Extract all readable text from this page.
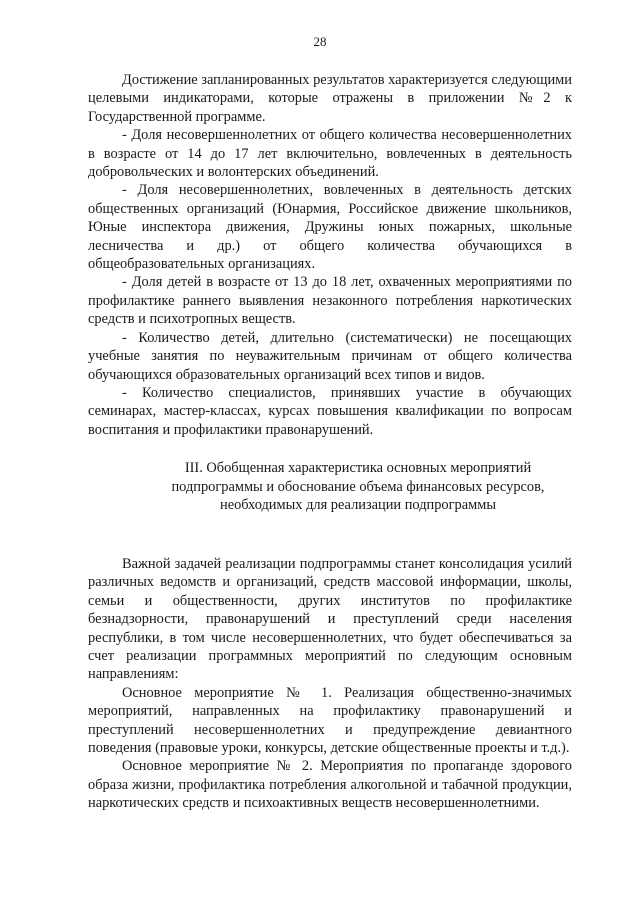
28

Достижение запланированных результатов характеризуется следующими целевыми индикаторами, которые отражены в приложении №2 к Государственной программе.

- Доля несовершеннолетних от общего количества несовершеннолетних в возрасте от 14 до 17 лет включительно, вовлеченных в деятельность добровольческих и волонтерских объединений.

- Доля несовершеннолетних, вовлеченных в деятельность детских общественных организаций (Юнармия, Российское движение школьников, Юные инспектора движения, Дружины юных пожарных, школьные лесничества и др.) от общего количества обучающихся в общеобразовательных организациях.

- Доля детей в возрасте от 13 до 18 лет, охваченных мероприятиями по профилактике раннего выявления незаконного потребления наркотических средств и психотропных веществ.

- Количество детей, длительно (систематически) не посещающих учебные занятия по неуважительным причинам от общего количества обучающихся образовательных организаций всех типов и видов.

- Количество специалистов, принявших участие в обучающих семинарах, мастер-классах, курсах повышения квалификации по вопросам воспитания и профилактики правонарушений.

III. Обобщенная характеристика основных мероприятий
подпрограммы и обоснование объема финансовых ресурсов,
необходимых для реализации подпрограммы

Важной задачей реализации подпрограммы станет консолидация усилий различных ведомств и организаций, средств массовой информации, школы, семьи и общественности, других институтов по профилактике безнадзорности, правонарушений и преступлений среди населения республики, в том числе несовершеннолетних, что будет обеспечиваться за счет реализации программных мероприятий по следующим основным направлениям:

Основное мероприятие № 1. Реализация общественно-значимых мероприятий, направленных на профилактику правонарушений и преступлений несовершеннолетних и предупреждение девиантного поведения (правовые уроки, конкурсы, детские общественные проекты и т.д.).

Основное мероприятие № 2. Мероприятия по пропаганде здорового образа жизни, профилактика потребления алкогольной и табачной продукции, наркотических средств и психоактивных веществ несовершеннолетними.
